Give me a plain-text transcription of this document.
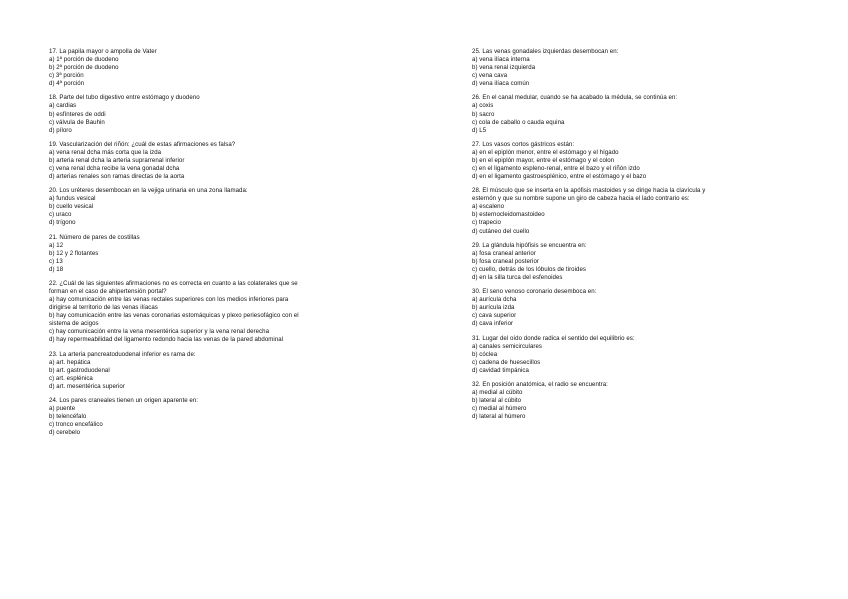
17. La papila mayor o ampolla de Vater
a) 1ª porción de duodeno
b) 2ª porción de duodeno
c) 3ª porción
d) 4ª porción
18. Parte del tubo digestivo entre estómago y duodeno
a) cardias
b) esfínteres de oddi
c) válvula de Bauhin
d) píloro
19. Vascularización del riñón: ¿cuál de estas afirmaciones es falsa?
a) vena renal dcha más corta que la izda
b) arteria renal dcha la arteria suprarrenal inferior
c) vena renal dcha recibe la vena gonadal dcha
d) arterias renales son ramas directas de la aorta
20. Los uréteres desembocan en la vejiga urinaria en una zona llamada:
a) fundus vesical
b) cuello vesical
c) uraco
d) trígono
21. Número de pares de costillas
a) 12
b) 12 y 2 flotantes
c) 13
d) 18
22. ¿Cuál de las siguientes afirmaciones no es correcta en cuanto a las colaterales que se
forman en el caso de ahipertensión portal?
a) hay comunicación entre las venas rectales superiores con los medios inferiores para
dirigirse al territorio de las venas ilíacas
b) hay comunicación entre las venas coronarias estomáquicas y plexo periesofágico con el
sistema de acigos
c) hay comunicación entre la vena mesentérica superior y la vena renal derecha
d) hay repermeabilidad del ligamento redondo hacia las venas de la pared abdominal
23. La arteria pancreatoduodenal inferior es rama de:
a) art. hepática
b) art. gastroduodenal
c) art. esplénica
d) art. mesentérica superior
24. Los pares craneales tienen un origen aparente en:
a) puente
b) telencéfalo
c) tronco encefálico
d) cerebelo
25. Las venas gonadales izquierdas desembocan en:
a) vena ilíaca interna
b) vena renal izquierda
c) vena cava
d) vena ilíaca común
26. En el canal medular, cuando se ha acabado la médula, se continúa en:
a) coxis
b) sacro
c) cola de caballo o cauda equina
d) L5
27. Los vasos cortos gástricos están:
a) en el epiplón menor, entre el estómago y el hígado
b) en el epiplón mayor, entre el estómago y el colon
c) en el ligamento espleno-renal, entre el bazo y el riñón izdo
d) en el ligamento gastroesplénico, entre el estómago y el bazo
28. El músculo que se inserta en la apófisis mastoides y se dirige hacia la clavícula y
esternón y que su nombre supone un giro de cabeza hacia el lado contrario es:
a) escaleno
b) esternocleidomastoideo
c) trapecio
d) cutáneo del cuello
29. La glándula hipófisis se encuentra en:
a) fosa craneal anterior
b) fosa craneal posterior
c) cuello, detrás de los lóbulos de tiroides
d) en la silla turca del esfenoides
30. El seno venoso coronario desemboca en:
a) aurícula dcha
b) aurícula izda
c) cava superior
d) cava inferior
31. Lugar del oído donde radica el sentido del equilibrio es:
a) canales semicirculares
b) cóclea
c) cadena de huesecillos
d) cavidad timpánica
32. En posición anatómica, el radio se encuentra:
a) medial al cúbito
b) lateral al cúbito
c) medial al húmero
d) lateral al húmero
